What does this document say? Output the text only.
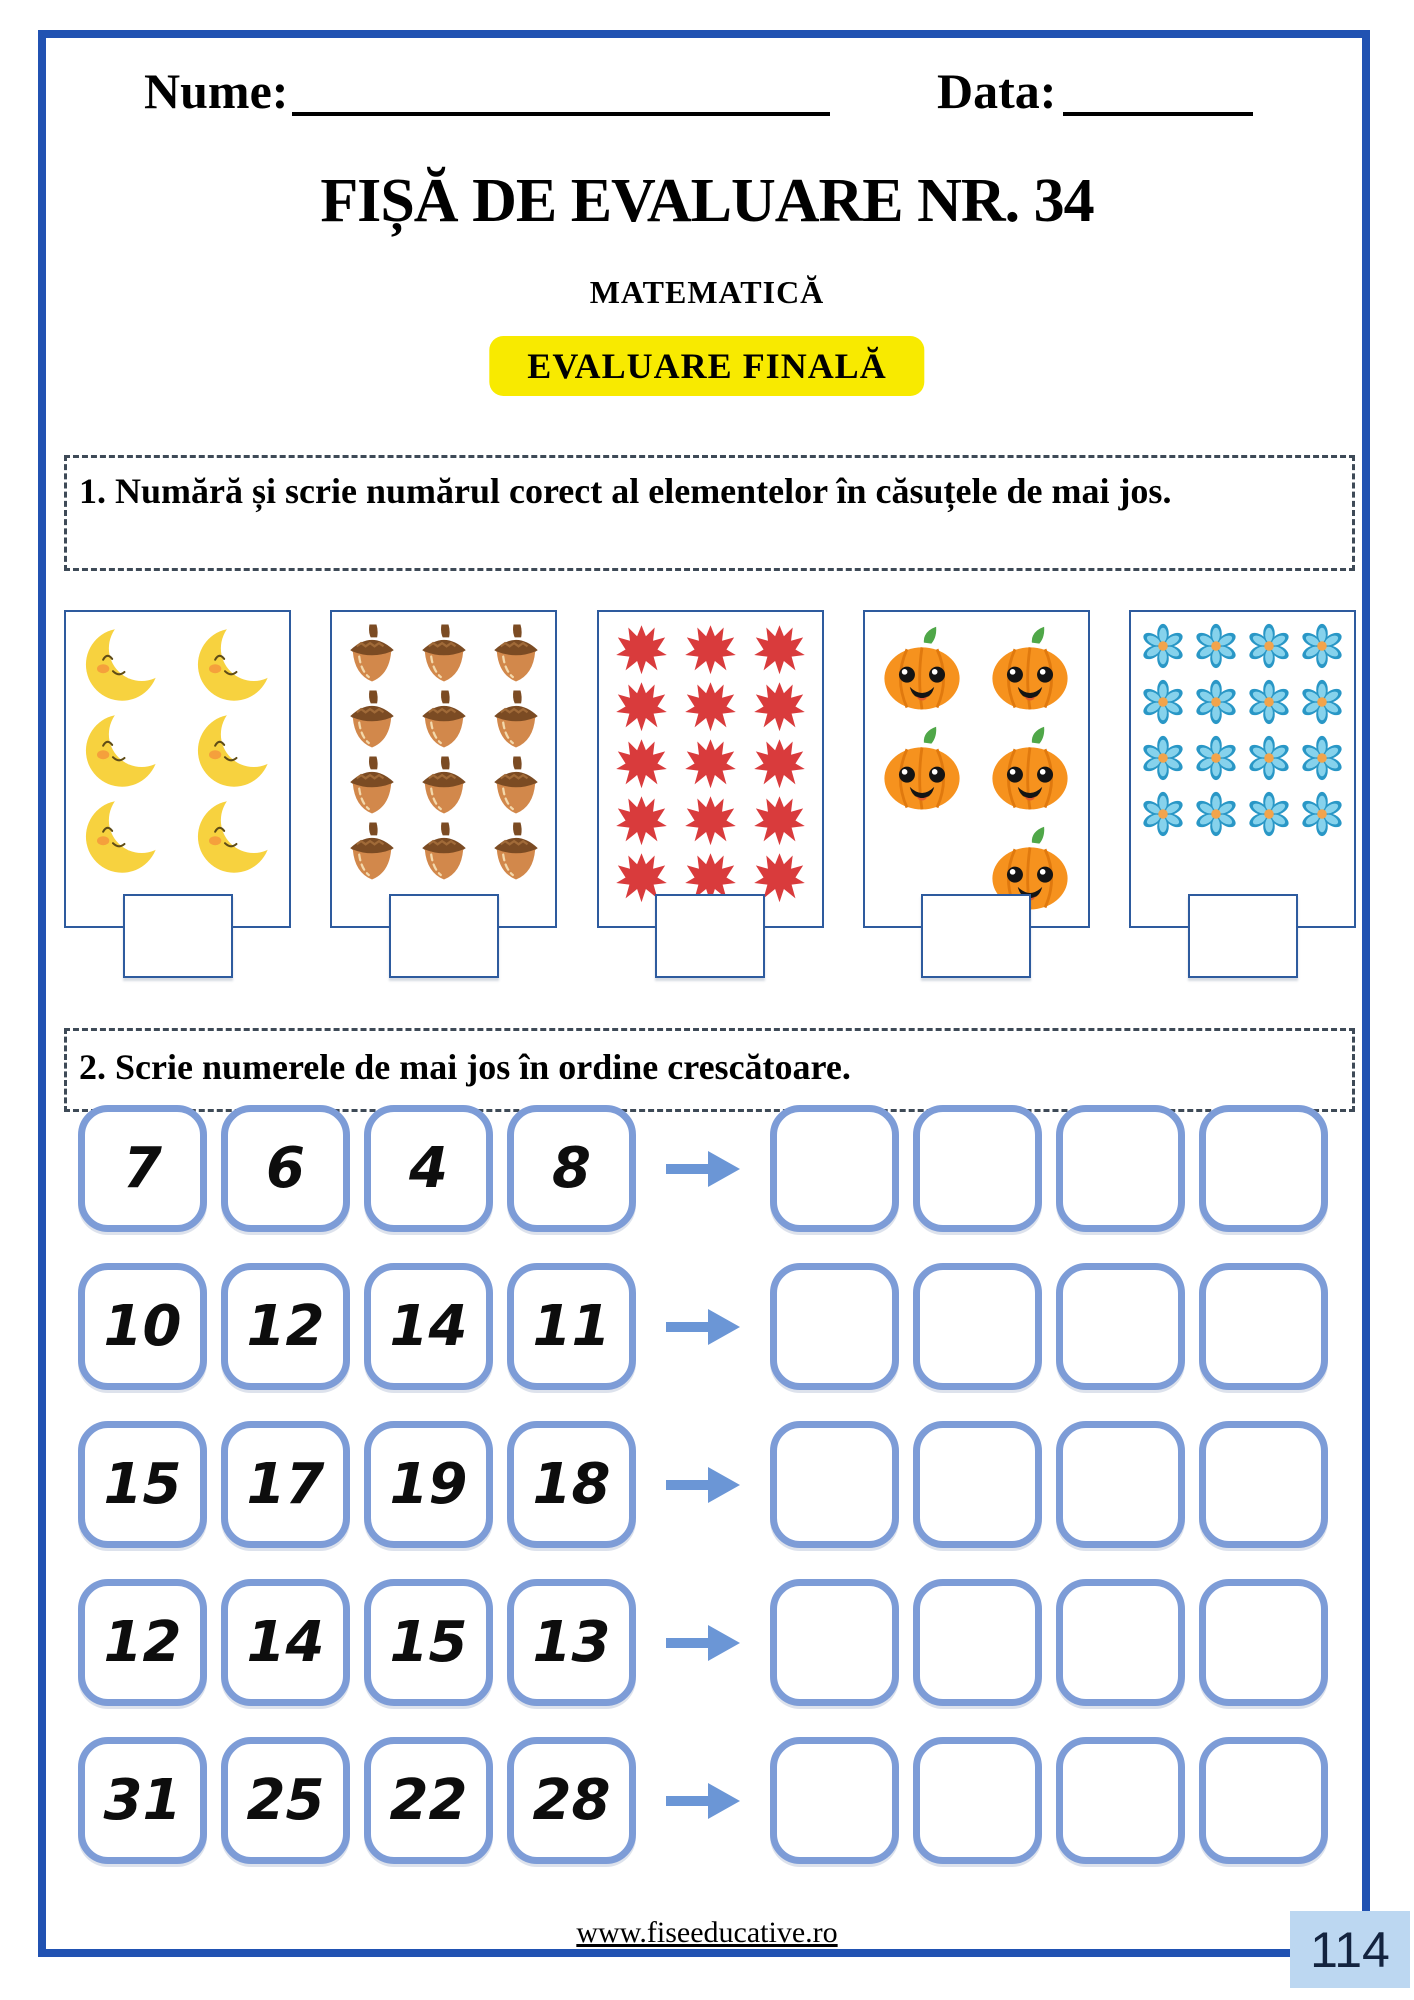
Nume:	Data:
FIȘĂ DE EVALUARE NR. 34
MATEMATICĂ
EVALUARE FINALĂ
1. Numără și scrie numărul corect al elementelor în căsuțele de mai jos.
2. Scrie numerele de mai jos în ordine crescătoare.
7	6	4	8
10	12	14	11
15	17	19	18
12	14	15	13
31	25	22	28
www.fiseeducative.ro	114
